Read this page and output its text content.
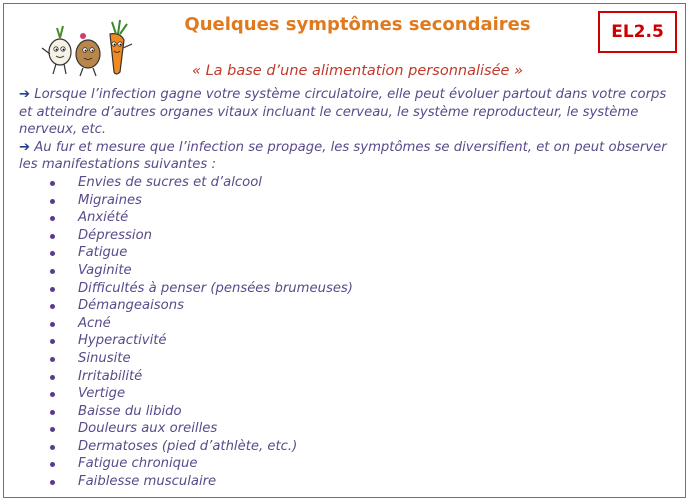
Quelques symptômes secondaires	EL2.5
« La base d’une alimentation personnalisée »

➔ Lorsque l’infection gagne votre système circulatoire, elle peut évoluer partout dans votre corps et atteindre d’autres organes vitaux incluant le cerveau, le système reproducteur, le système nerveux, etc.

➔ Au fur et mesure que l’infection se propage, les symptômes se diversifient, et on peut observer les manifestations suivantes :

Envies de sucres et d’alcool
Migraines
Anxiété
Dépression
Fatigue
Vaginite
Difficultés à penser (pensées brumeuses)
Démangeaisons
Acné
Hyperactivité
Sinusite
Irritabilité
Vertige
Baisse du libido
Douleurs aux oreilles
Dermatoses (pied d’athlète, etc.)
Fatigue chronique
Faiblesse musculaire
